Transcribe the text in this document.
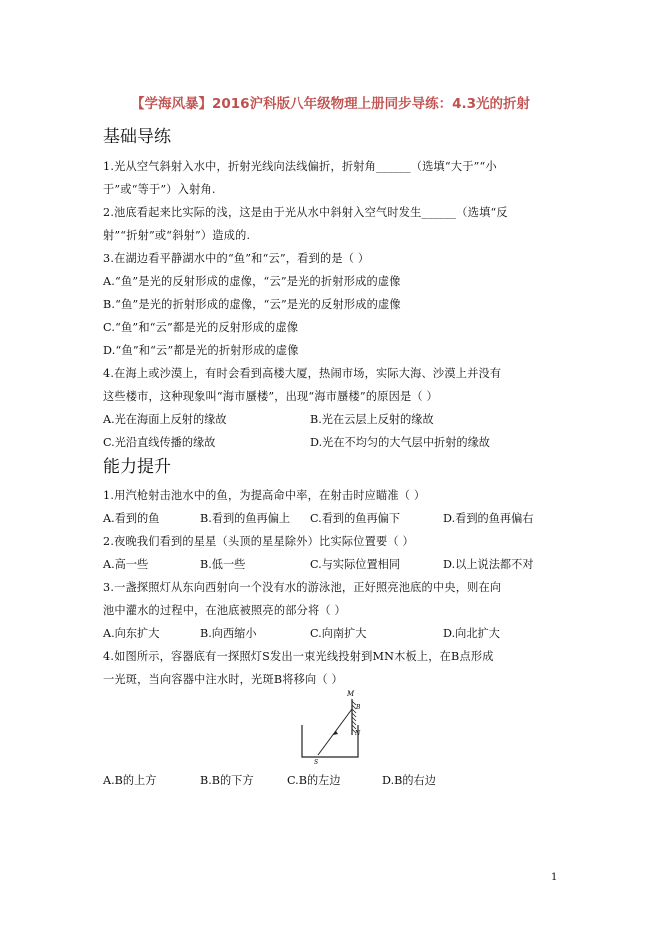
【学海风暴】2016沪科版八年级物理上册同步导练：4.3光的折射
基础导练
1.光从空气斜射入水中，折射光线向法线偏折，折射角______（选填“大于”“小
于”或“等于”）入射角.
2.池底看起来比实际的浅，这是由于光从水中斜射入空气时发生______（选填“反
射”“折射”或“斜射”）造成的.
3.在湖边看平静湖水中的“鱼”和“云”，看到的是（ ）
A.“鱼”是光的反射形成的虚像，“云”是光的折射形成的虚像
B.“鱼”是光的折射形成的虚像，“云”是光的反射形成的虚像
C.“鱼”和“云”都是光的反射形成的虚像
D.“鱼”和“云”都是光的折射形成的虚像
4.在海上或沙漠上，有时会看到高楼大厦，热闹市场，实际大海、沙漠上并没有
这些楼市，这种现象叫“海市蜃楼”，出现“海市蜃楼”的原因是（ ）
A.光在海面上反射的缘故	B.光在云层上反射的缘故
C.光沿直线传播的缘故	D.光在不均匀的大气层中折射的缘故
能力提升
1.用汽枪射击池水中的鱼，为提高命中率，在射击时应瞄准（ ）
A.看到的鱼	B.看到的鱼再偏上 C.看到的鱼再偏下	D.看到的鱼再偏右
2.夜晚我们看到的星星（头顶的星星除外）比实际位置要（ ）
A.高一些	B.低一些	C.与实际位置相同	D.以上说法都不对
3.一盏探照灯从东向西射向一个没有水的游泳池，正好照亮池底的中央，则在向
池中灌水的过程中，在池底被照亮的部分将（ ）
A.向东扩大	B.向西缩小	C.向南扩大	D.向北扩大
4.如图所示，容器底有一探照灯S发出一束光线投射到MN木板上，在B点形成
一光斑，当向容器中注水时，光斑B将移向（ ）
M
B
N
S
A.B的上方	B.B的下方	C.B的左边	D.B的右边
1
